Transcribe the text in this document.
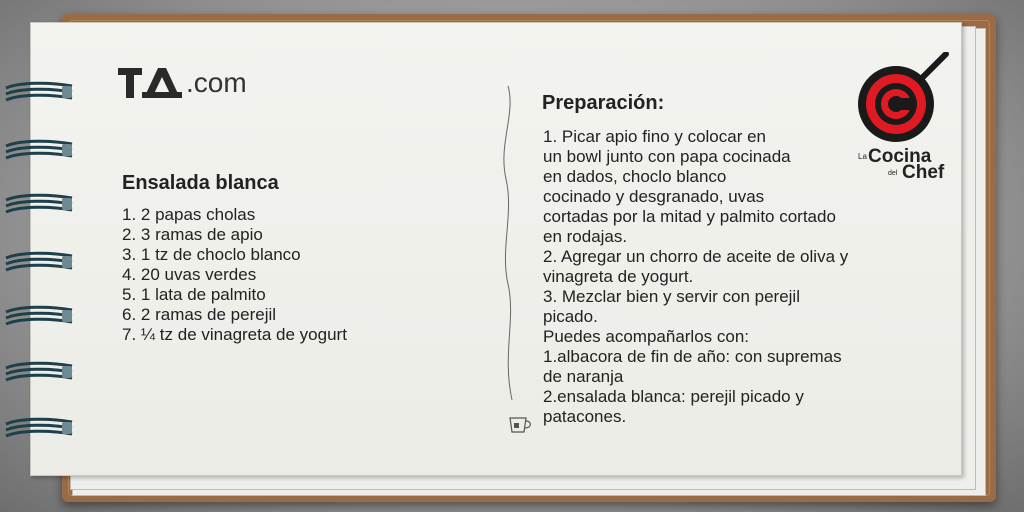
.com
Ensalada blanca
1. 2 papas cholas
2. 3 ramas de apio
3. 1 tz de choclo blanco
4. 20 uvas verdes
5. 1 lata de palmito
6. 2 ramas de perejil
7. ¼ tz de vinagreta de yogurt
Preparación:
1. Picar apio fino y colocar en
un bowl junto con papa cocinada
en dados, choclo blanco
cocinado y desgranado, uvas
cortadas por la mitad y palmito cortado
en rodajas.
2. Agregar un chorro de aceite de oliva y
vinagreta de yogurt.
3. Mezclar bien y servir con perejil
picado.
Puedes acompañarlos con:
1.albacora de fin de año: con supremas
de naranja
2.ensalada blanca: perejil picado y
patacones.
La Cocina
del Chef
